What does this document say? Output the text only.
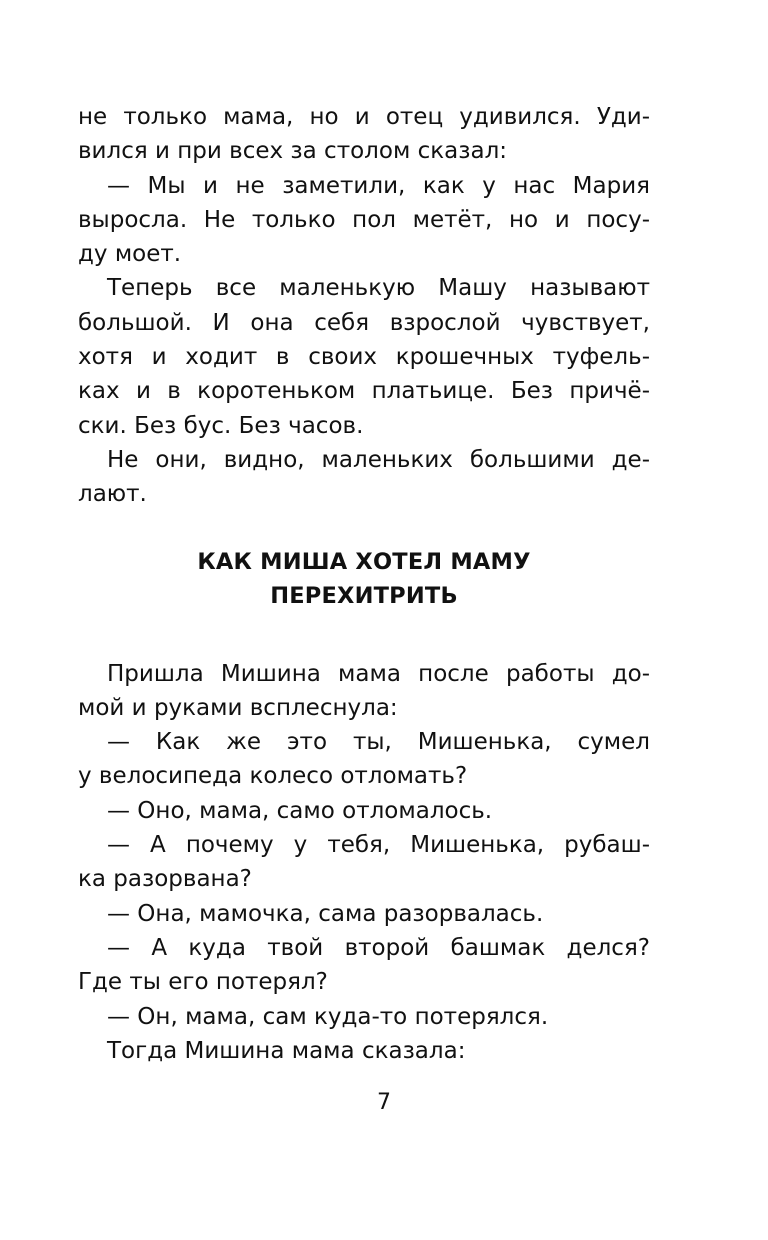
не только мама, но и отец удивился. Уди-
вился и при всех за столом сказал:
— Мы и не заметили, как у нас Мария
выросла. Не только пол метёт, но и посу-
ду моет.
Теперь все маленькую Машу называют
большой. И она себя взрослой чувствует,
хотя и ходит в своих крошечных туфель-
ках и в коротеньком платьице. Без причё-
ски. Без бус. Без часов.
Не они, видно, маленьких большими де-
лают.
КАК МИША ХОТЕЛ МАМУ
ПЕРЕХИТРИТЬ
Пришла Мишина мама после работы до-
мой и руками всплеснула:
— Как же это ты, Мишенька, сумел
у велосипеда колесо отломать?
— Оно, мама, само отломалось.
— А почему у тебя, Мишенька, рубаш-
ка разорвана?
— Она, мамочка, сама разорвалась.
— А куда твой второй башмак делся?
Где ты его потерял?
— Он, мама, сам куда-то потерялся.
Тогда Мишина мама сказала:
7
